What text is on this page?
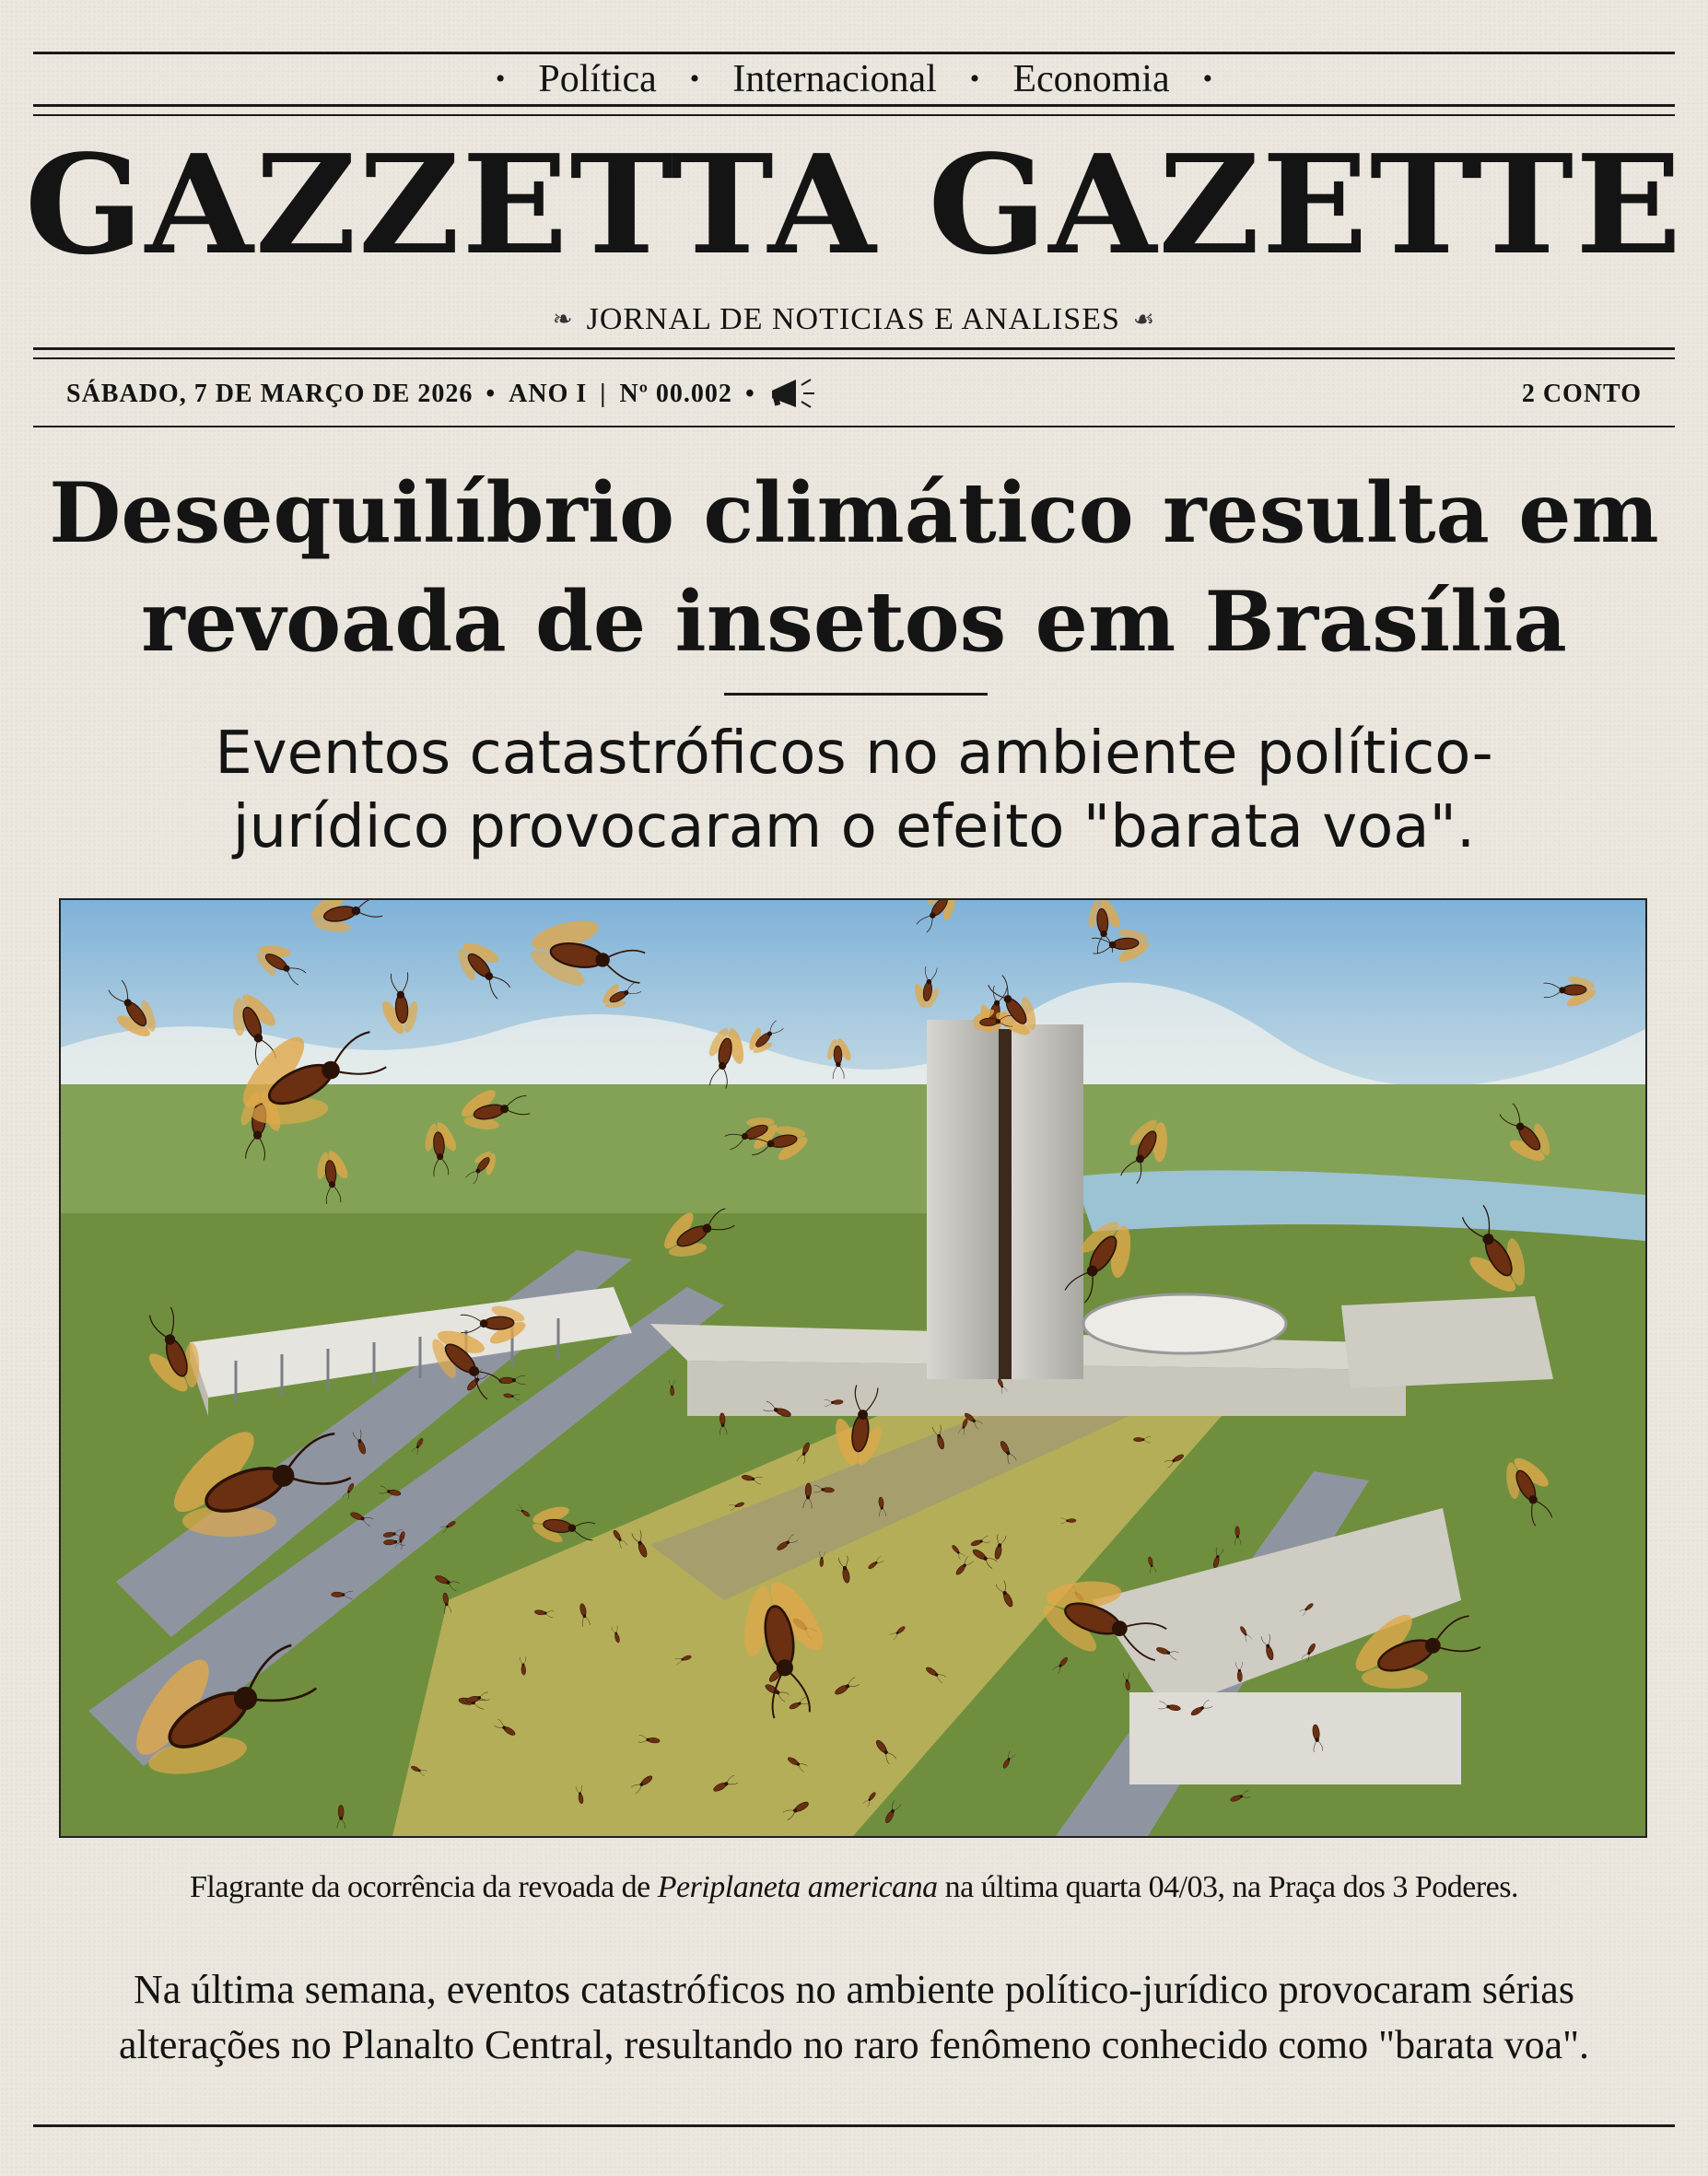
• Política • Internacional • Economia •
GAZZETTA GAZETTE
❧ JORNAL DE NOTICIAS E ANALISES ☙
SÁBADO, 7 DE MARÇO DE 2026 • ANO I | Nº 00.002 •	2 CONTO
Desequilíbrio climático resulta em
revoada de insetos em Brasília
Eventos catastróficos no ambiente político-
jurídico provocaram o efeito "barata voa".

Flagrante da ocorrência da revoada de Periplaneta americana na última quarta 04/03, na Praça dos 3 Poderes.

Na última semana, eventos catastróficos no ambiente político-jurídico provocaram sérias
alterações no Planalto Central, resultando no raro fenômeno conhecido como "barata voa".
